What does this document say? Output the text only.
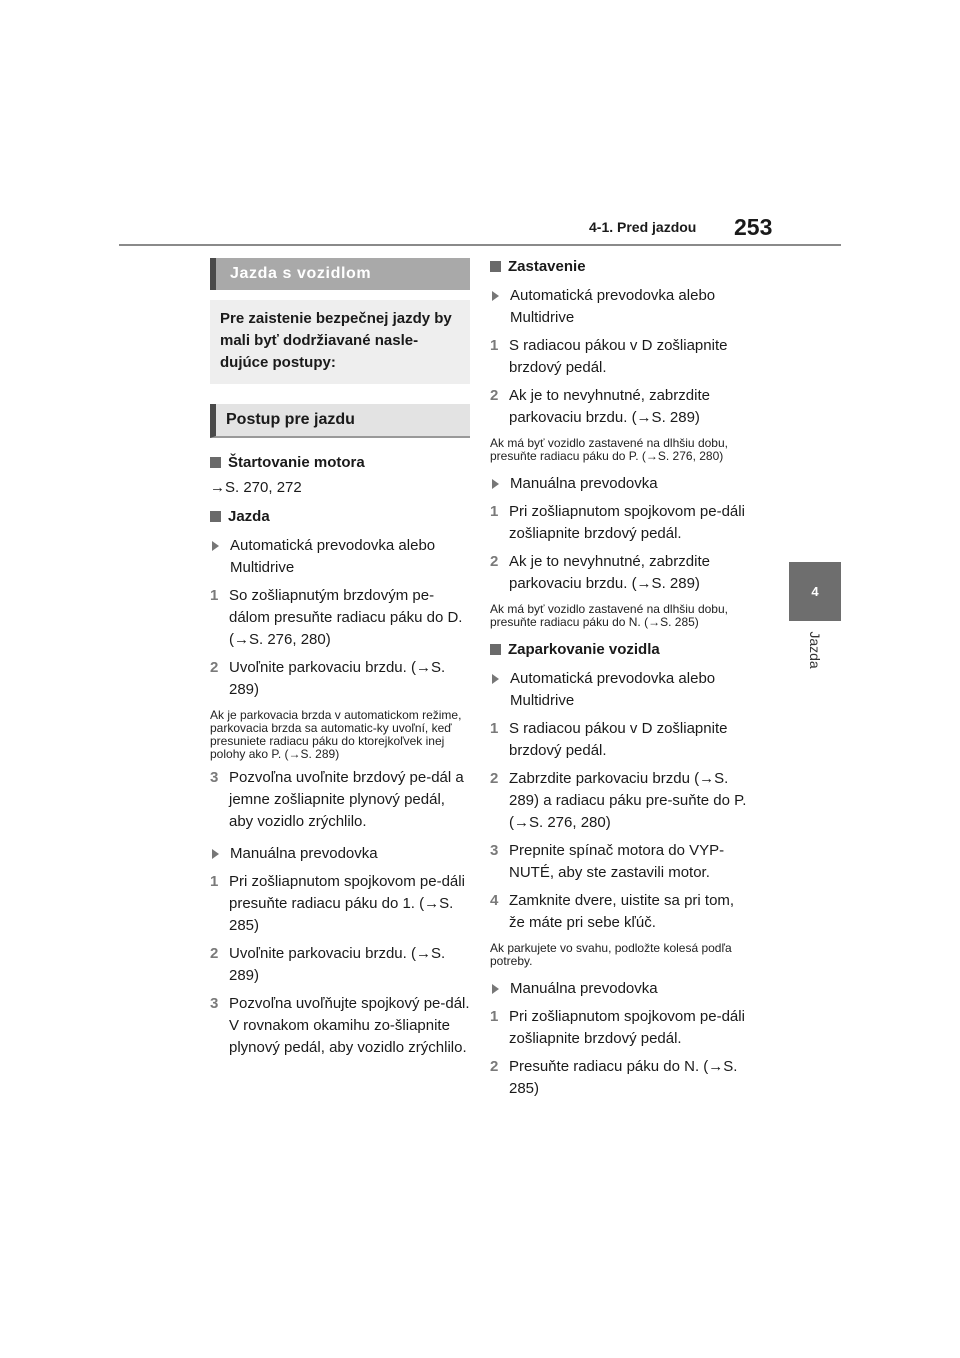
4-1. Pred jazdou 253
4
Jazda
Jazda s vozidlom
Pre zaistenie bezpečnej jazdy by mali byť dodržiavané nasle-dujúce postupy:
Postup pre jazdu
Štartovanie motora
→S. 270, 272
Jazda
Automatická prevodovka alebo Multidrive
1 So zošliapnutým brzdovým pe-dálom presuňte radiacu páku do D. (→S. 276, 280)
2 Uvoľnite parkovaciu brzdu. (→S. 289)
Ak je parkovacia brzda v automatickom režime, parkovacia brzda sa automatic-ky uvoľní, keď presuniete radiacu páku do ktorejkoľvek inej polohy ako P. (→S. 289)
3 Pozvoľna uvoľnite brzdový pe-dál a jemne zošliapnite plynový pedál, aby vozidlo zrýchlilo.
Manuálna prevodovka
1 Pri zošliapnutom spojkovom pe-dáli presuňte radiacu páku do 1. (→S. 285)
2 Uvoľnite parkovaciu brzdu. (→S. 289)
3 Pozvoľna uvoľňujte spojkový pe-dál. V rovnakom okamihu zo-šliapnite plynový pedál, aby vozidlo zrýchlilo.
Zastavenie
Automatická prevodovka alebo Multidrive
1 S radiacou pákou v D zošliapnite brzdový pedál.
2 Ak je to nevyhnutné, zabrzdite parkovaciu brzdu. (→S. 289)
Ak má byť vozidlo zastavené na dlhšiu dobu, presuňte radiacu páku do P. (→S. 276, 280)
Manuálna prevodovka
1 Pri zošliapnutom spojkovom pe-dáli zošliapnite brzdový pedál.
2 Ak je to nevyhnutné, zabrzdite parkovaciu brzdu. (→S. 289)
Ak má byť vozidlo zastavené na dlhšiu dobu, presuňte radiacu páku do N. (→S. 285)
Zaparkovanie vozidla
Automatická prevodovka alebo Multidrive
1 S radiacou pákou v D zošliapnite brzdový pedál.
2 Zabrzdite parkovaciu brzdu (→S. 289) a radiacu páku pre-suňte do P. (→S. 276, 280)
3 Prepnite spínač motora do VYP-NUTÉ, aby ste zastavili motor.
4 Zamknite dvere, uistite sa pri tom, že máte pri sebe kľúč.
Ak parkujete vo svahu, podložte kolesá podľa potreby.
Manuálna prevodovka
1 Pri zošliapnutom spojkovom pe-dáli zošliapnite brzdový pedál.
2 Presuňte radiacu páku do N. (→S. 285)
